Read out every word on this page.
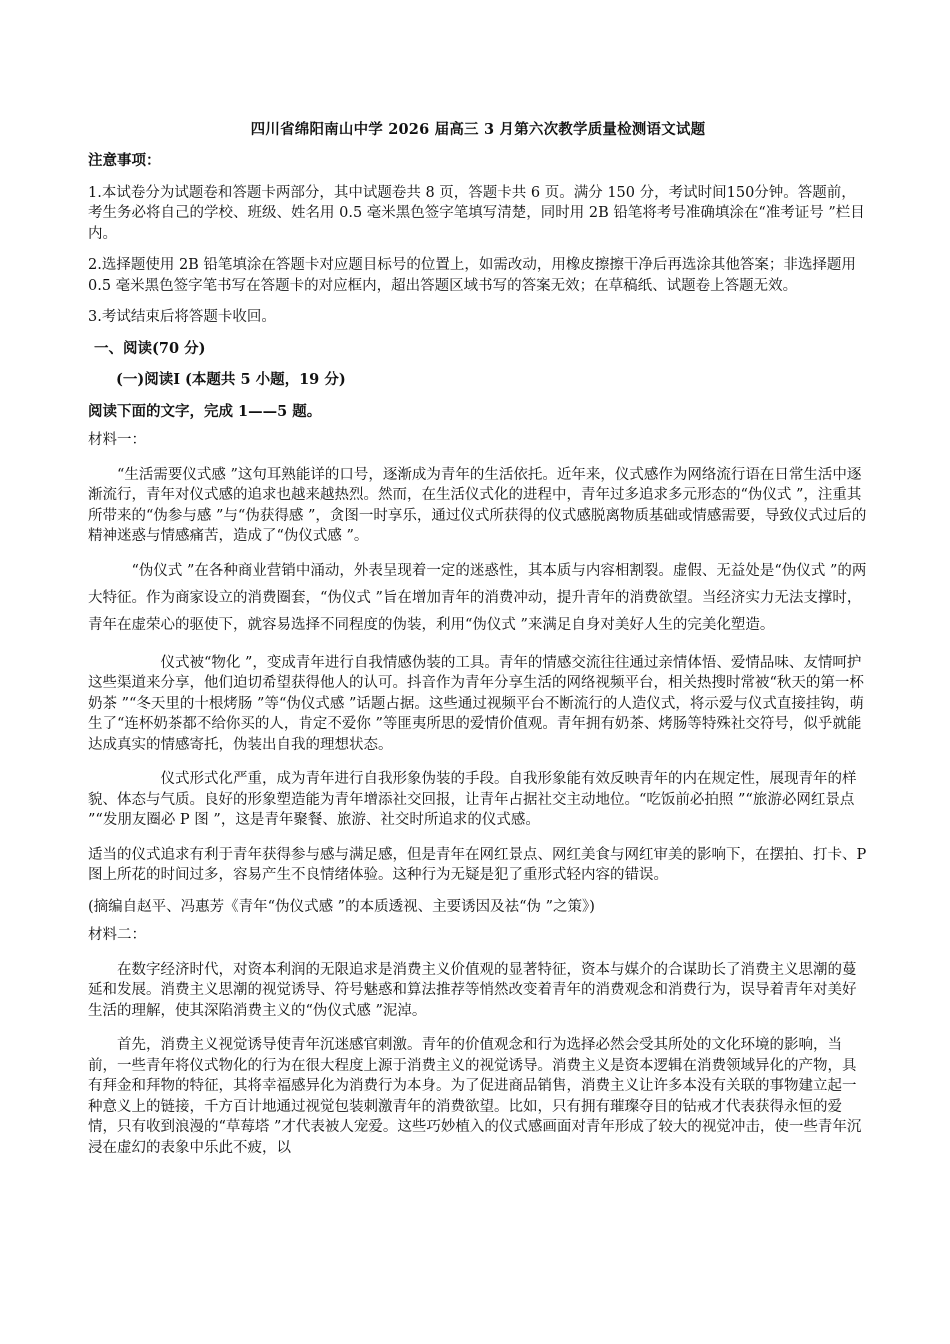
四川省绵阳南山中学 2026 届高三 3 月第六次教学质量检测语文试题

注意事项：

1.本试卷分为试题卷和答题卡两部分，其中试题卷共 8 页，答题卡共 6 页。满分 150 分，考试时间150分钟。答题前，考生务必将自己的学校、班级、姓名用 0.5 毫米黑色签字笔填写清楚，同时用 2B 铅笔将考号准确填涂在“准考证号 ”栏目内。

2.选择题使用 2B 铅笔填涂在答题卡对应题目标号的位置上，如需改动，用橡皮擦擦干净后再选涂其他答案；非选择题用 0.5 毫米黑色签字笔书写在答题卡的对应框内，超出答题区域书写的答案无效；在草稿纸、试题卷上答题无效。

3.考试结束后将答题卡收回。

一、阅读(70 分)

(一)阅读Ⅰ (本题共 5 小题，19 分)

阅读下面的文字，完成 1——5 题。

材料一：

“生活需要仪式感 ”这句耳熟能详的口号，逐渐成为青年的生活依托。近年来，仪式感作为网络流行语在日常生活中逐渐流行，青年对仪式感的追求也越来越热烈。然而，在生活仪式化的进程中，青年过多追求多元形态的“伪仪式 ”，注重其所带来的“伪参与感 ”与“伪获得感 ”，贪图一时享乐，通过仪式所获得的仪式感脱离物质基础或情感需要，导致仪式过后的精神迷惑与情感痛苦，造成了“伪仪式感 ”。

“伪仪式 ”在各种商业营销中涌动，外表呈现着一定的迷惑性，其本质与内容相割裂。虚假、无益处是“伪仪式 ”的两大特征。作为商家设立的消费圈套，“伪仪式 ”旨在增加青年的消费冲动，提升青年的消费欲望。当经济实力无法支撑时，青年在虚荣心的驱使下，就容易选择不同程度的伪装，利用“伪仪式 ”来满足自身对美好人生的完美化塑造。

仪式被“物化 ”，变成青年进行自我情感伪装的工具。青年的情感交流往往通过亲情体悟、爱情品味、友情呵护这些渠道来分享，他们迫切希望获得他人的认可。抖音作为青年分享生活的网络视频平台，相关热搜时常被“秋天的第一杯奶茶 ”“冬天里的十根烤肠 ”等“伪仪式感 ”话题占据。这些通过视频平台不断流行的人造仪式，将示爱与仪式直接挂钩，萌生了“连杯奶茶都不给你买的人，肯定不爱你 ”等匪夷所思的爱情价值观。青年拥有奶茶、烤肠等特殊社交符号，似乎就能达成真实的情感寄托，伪装出自我的理想状态。

仪式形式化严重，成为青年进行自我形象伪装的手段。自我形象能有效反映青年的内在规定性，展现青年的样貌、体态与气质。良好的形象塑造能为青年增添社交回报，让青年占据社交主动地位。“吃饭前必拍照 ”“旅游必网红景点 ”“发朋友圈必 P 图 ”，这是青年聚餐、旅游、社交时所追求的仪式感。

适当的仪式追求有利于青年获得参与感与满足感，但是青年在网红景点、网红美食与网红审美的影响下，在摆拍、打卡、P 图上所花的时间过多，容易产生不良情绪体验。这种行为无疑是犯了重形式轻内容的错误。

(摘编自赵平、冯惠芳《青年“伪仪式感 ”的本质透视、主要诱因及祛“伪 ”之策》)

材料二：

在数字经济时代，对资本利润的无限追求是消费主义价值观的显著特征，资本与媒介的合谋助长了消费主义思潮的蔓延和发展。消费主义思潮的视觉诱导、符号魅惑和算法推荐等悄然改变着青年的消费观念和消费行为，误导着青年对美好生活的理解，使其深陷消费主义的“伪仪式感 ”泥淖。

首先，消费主义视觉诱导使青年沉迷感官刺激。青年的价值观念和行为选择必然会受其所处的文化环境的影响，当前，一些青年将仪式物化的行为在很大程度上源于消费主义的视觉诱导。消费主义是资本逻辑在消费领域异化的产物，具有拜金和拜物的特征，其将幸福感异化为消费行为本身。为了促进商品销售，消费主义让许多本没有关联的事物建立起一种意义上的链接，千方百计地通过视觉包装刺激青年的消费欲望。比如，只有拥有璀璨夺目的钻戒才代表获得永恒的爱情，只有收到浪漫的“草莓塔 ”才代表被人宠爱。这些巧妙植入的仪式感画面对青年形成了较大的视觉冲击，使一些青年沉浸在虚幻的表象中乐此不疲，以
